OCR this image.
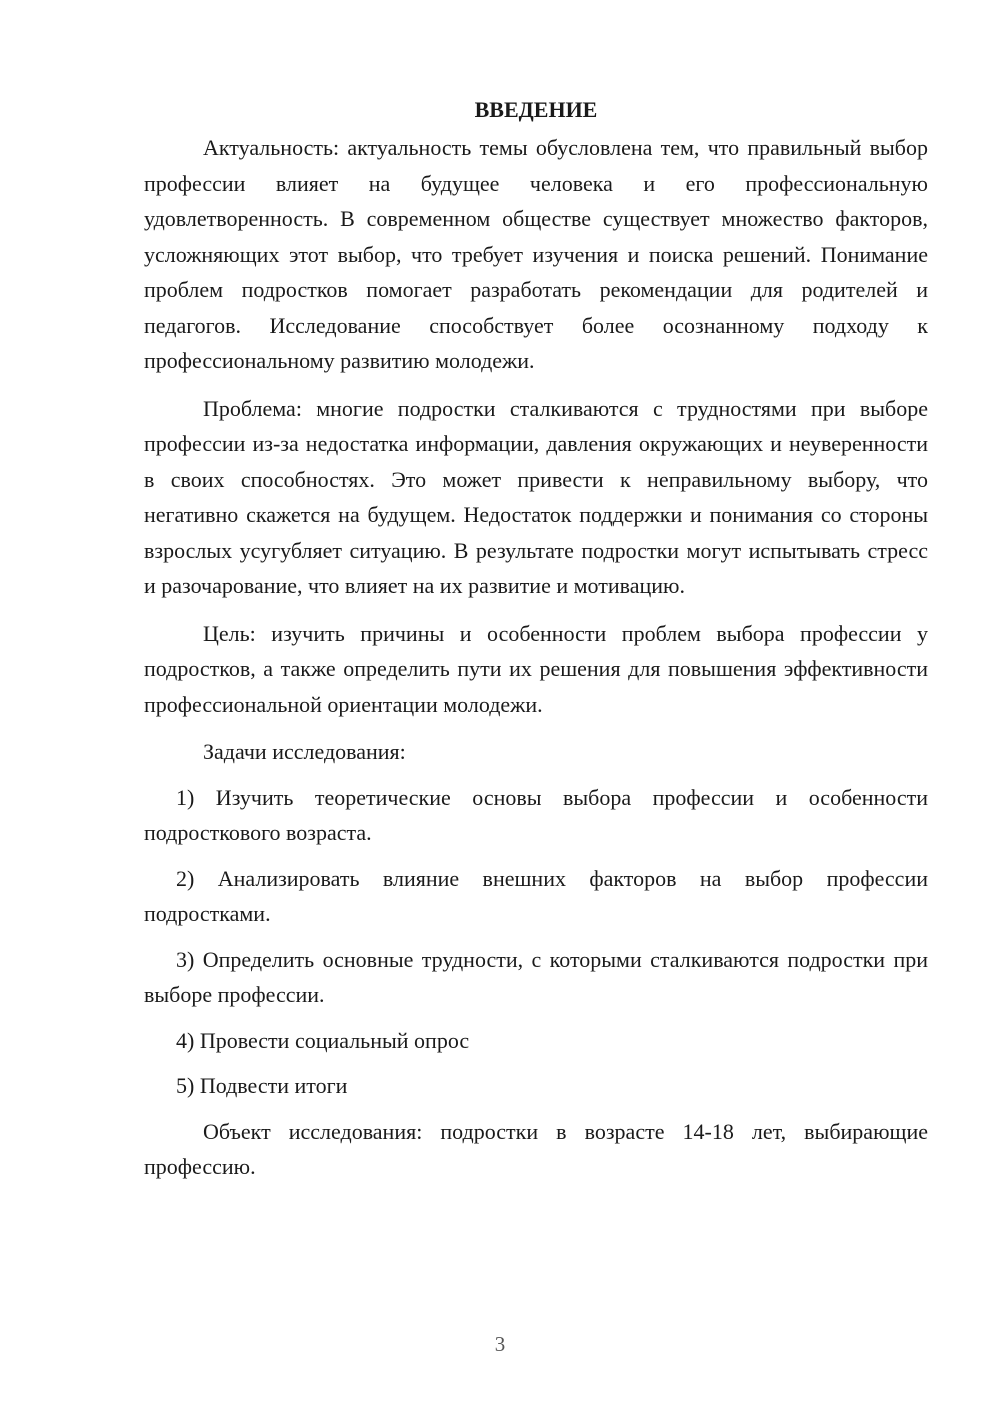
ВВЕДЕНИЕ

Актуальность: актуальность темы обусловлена тем, что правильный выбор профессии влияет на будущее человека и его профессиональную удовлетворенность. В современном обществе существует множество факторов, усложняющих этот выбор, что требует изучения и поиска решений. Понимание проблем подростков помогает разработать рекомендации для родителей и педагогов. Исследование способствует более осознанному подходу к профессиональному развитию молодежи.

Проблема: многие подростки сталкиваются с трудностями при выборе профессии из-за недостатка информации, давления окружающих и неуверенности в своих способностях. Это может привести к неправильному выбору, что негативно скажется на будущем. Недостаток поддержки и понимания со стороны взрослых усугубляет ситуацию. В результате подростки могут испытывать стресс и разочарование, что влияет на их развитие и мотивацию.

Цель: изучить причины и особенности проблем выбора профессии у подростков, а также определить пути их решения для повышения эффективности профессиональной ориентации молодежи.

Задачи исследования:

1) Изучить теоретические основы выбора профессии и особенности подросткового возраста.

2) Анализировать влияние внешних факторов на выбор профессии подростками.

3) Определить основные трудности, с которыми сталкиваются подростки при выборе профессии.

4) Провести социальный опрос

5) Подвести итоги

Объект исследования: подростки в возрасте 14-18 лет, выбирающие профессию.

3
